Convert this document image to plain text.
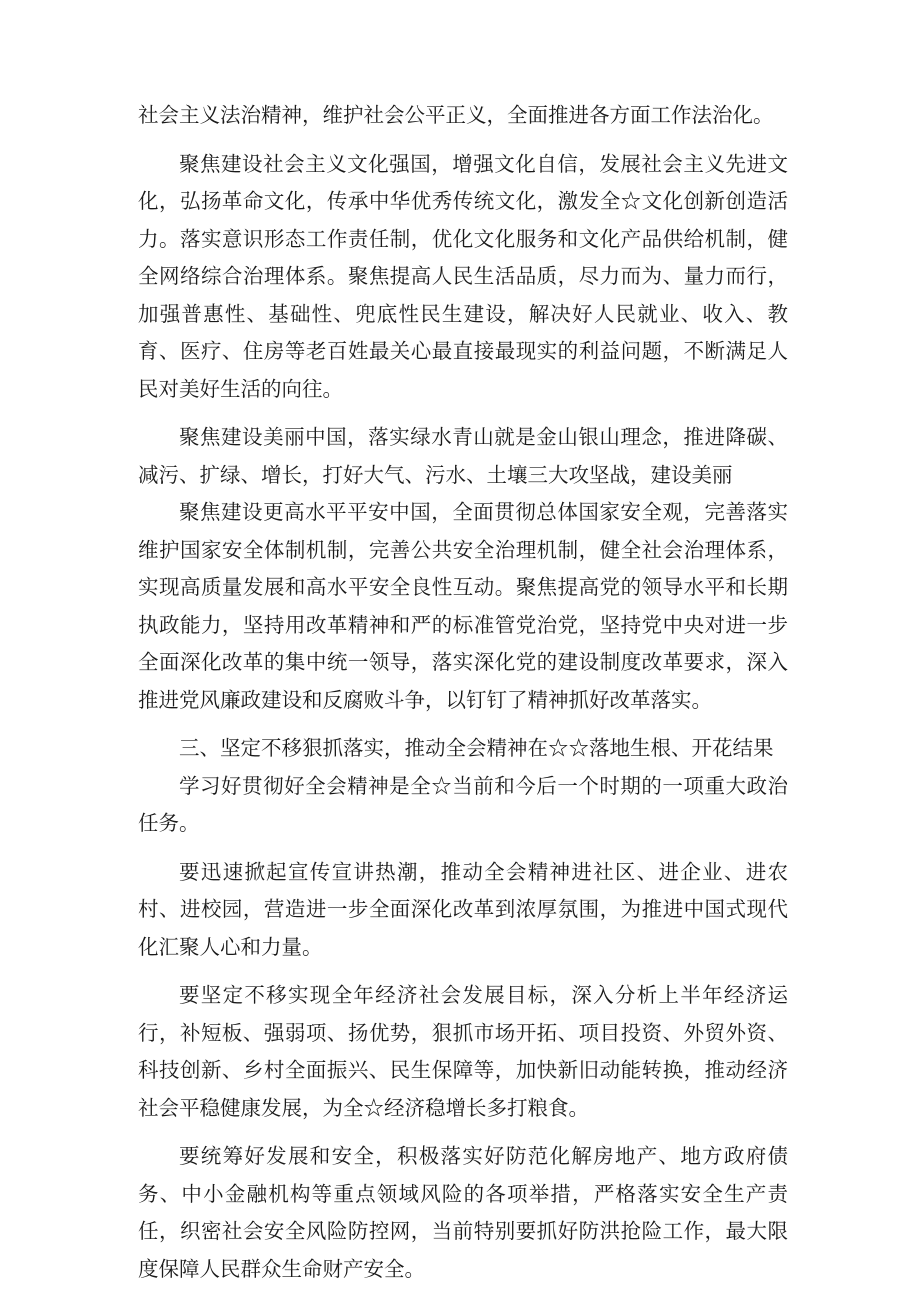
社会主义法治精神，维护社会公平正义，全面推进各方面工作法治化。

聚焦建设社会主义文化强国，增强文化自信，发展社会主义先进文化，弘扬革命文化，传承中华优秀传统文化，激发全☆文化创新创造活力。落实意识形态工作责任制，优化文化服务和文化产品供给机制，健全网络综合治理体系。聚焦提高人民生活品质，尽力而为、量力而行，加强普惠性、基础性、兜底性民生建设，解决好人民就业、收入、教育、医疗、住房等老百姓最关心最直接最现实的利益问题，不断满足人民对美好生活的向往。

聚焦建设美丽中国，落实绿水青山就是金山银山理念，推进降碳、减污、扩绿、增长，打好大气、污水、土壤三大攻坚战，建设美丽

聚焦建设更高水平平安中国，全面贯彻总体国家安全观，完善落实维护国家安全体制机制，完善公共安全治理机制，健全社会治理体系，实现高质量发展和高水平安全良性互动。聚焦提高党的领导水平和长期执政能力，坚持用改革精神和严的标准管党治党，坚持党中央对进一步全面深化改革的集中统一领导，落实深化党的建设制度改革要求，深入推进党风廉政建设和反腐败斗争，以钉钉了精神抓好改革落实。

三、坚定不移狠抓落实，推动全会精神在☆☆落地生根、开花结果

学习好贯彻好全会精神是全☆当前和今后一个时期的一项重大政治任务。

要迅速掀起宣传宣讲热潮，推动全会精神进社区、进企业、进农村、进校园，营造进一步全面深化改革到浓厚氛围，为推进中国式现代化汇聚人心和力量。

要坚定不移实现全年经济社会发展目标，深入分析上半年经济运行，补短板、强弱项、扬优势，狠抓市场开拓、项目投资、外贸外资、科技创新、乡村全面振兴、民生保障等，加快新旧动能转换，推动经济社会平稳健康发展，为全☆经济稳增长多打粮食。

要统筹好发展和安全，积极落实好防范化解房地产、地方政府债务、中小金融机构等重点领域风险的各项举措，严格落实安全生产责任，织密社会安全风险防控网，当前特别要抓好防洪抢险工作，最大限度保障人民群众生命财产安全。
